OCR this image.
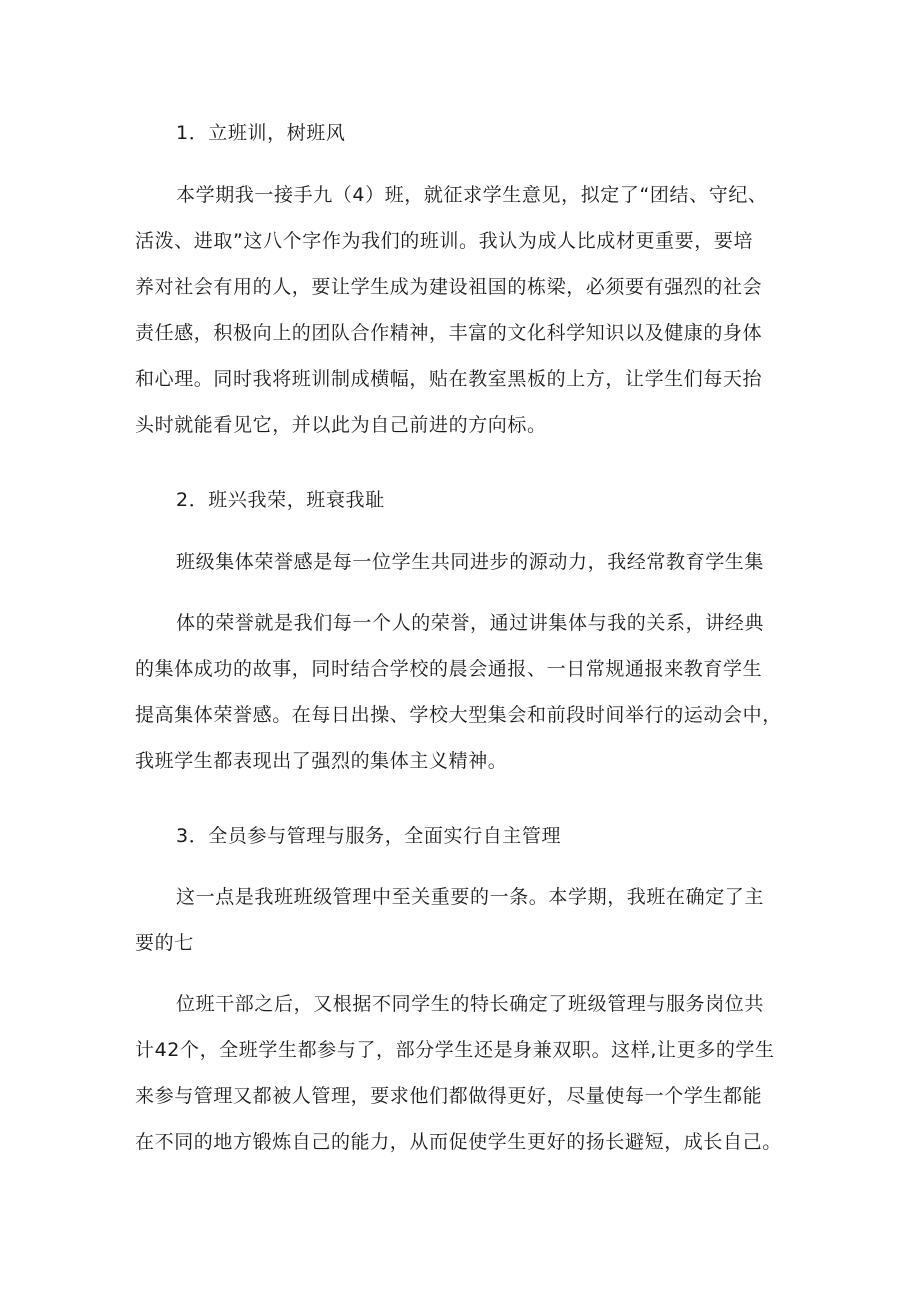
1．立班训，树班风
本学期我一接手九（4）班，就征求学生意见，拟定了“团结、守纪、
活泼、进取”这八个字作为我们的班训。我认为成人比成材更重要，要培
养对社会有用的人，要让学生成为建设祖国的栋梁，必须要有强烈的社会
责任感，积极向上的团队合作精神，丰富的文化科学知识以及健康的身体
和心理。同时我将班训制成横幅，贴在教室黑板的上方，让学生们每天抬
头时就能看见它，并以此为自己前进的方向标。
2．班兴我荣，班衰我耻
班级集体荣誉感是每一位学生共同进步的源动力，我经常教育学生集
体的荣誉就是我们每一个人的荣誉，通过讲集体与我的关系，讲经典
的集体成功的故事，同时结合学校的晨会通报、一日常规通报来教育学生
提高集体荣誉感。在每日出操、学校大型集会和前段时间举行的运动会中，
我班学生都表现出了强烈的集体主义精神。
3．全员参与管理与服务，全面实行自主管理
这一点是我班班级管理中至关重要的一条。本学期，我班在确定了主
要的七
位班干部之后，又根据不同学生的特长确定了班级管理与服务岗位共
计42个，全班学生都参与了，部分学生还是身兼双职。这样,让更多的学生
来参与管理又都被人管理，要求他们都做得更好，尽量使每一个学生都能
在不同的地方锻炼自己的能力，从而促使学生更好的扬长避短，成长自己。
